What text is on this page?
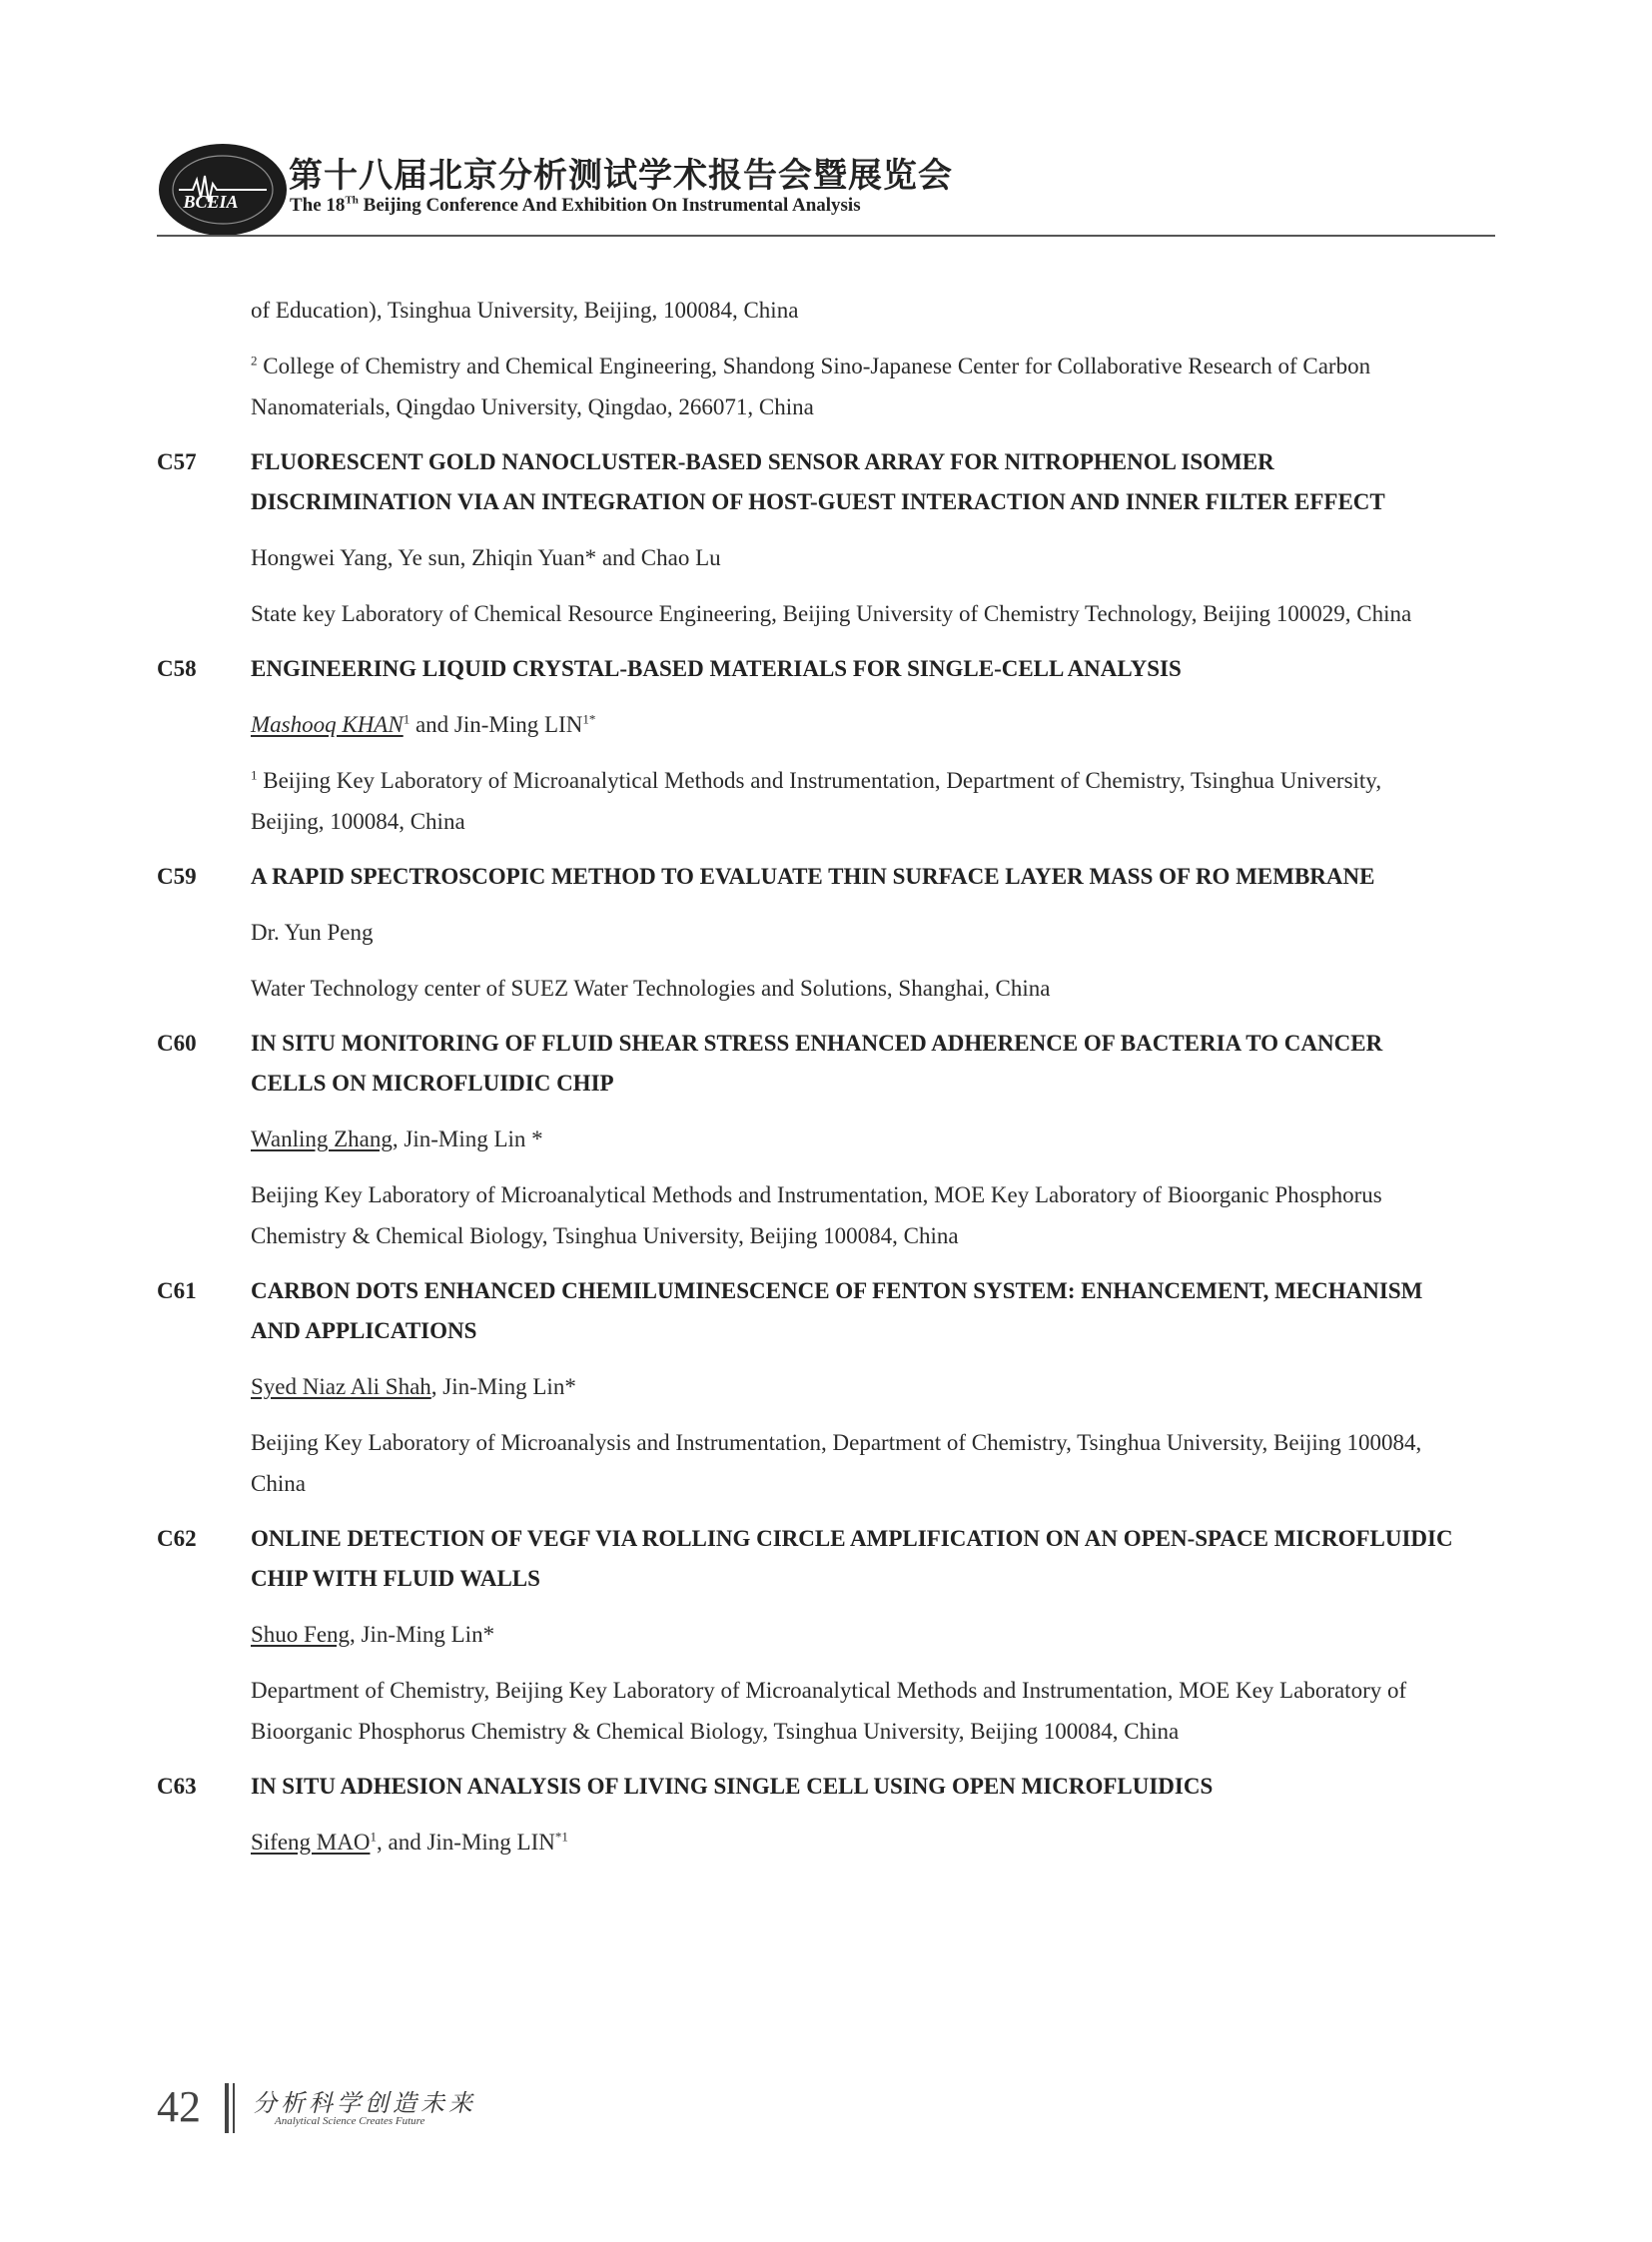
BCEIA
第十八届北京分析测试学术报告会暨展览会
The 18Th Beijing Conference And Exhibition On Instrumental Analysis
of Education), Tsinghua University, Beijing, 100084, China
$^2$ College of Chemistry and Chemical Engineering, Shandong Sino-Japanese Center for Collaborative Research of Carbon Nanomaterials, Qingdao University, Qingdao, 266071, China
C57 FLUORESCENT GOLD NANOCLUSTER-BASED SENSOR ARRAY FOR NITROPHENOL ISOMER DISCRIMINATION VIA AN INTEGRATION OF HOST-GUEST INTERACTION AND INNER FILTER EFFECT
Hongwei Yang, Ye sun, Zhiqin Yuan* and Chao Lu
State key Laboratory of Chemical Resource Engineering, Beijing University of Chemistry Technology, Beijing 100029, China
C58 ENGINEERING LIQUID CRYSTAL-BASED MATERIALS FOR SINGLE-CELL ANALYSIS
Mashooq KHAN$^1$ and Jin-Ming $LIN^{1*}$
$^1$ Beijing Key Laboratory of Microanalytical Methods and Instrumentation, Department of Chemistry, Tsinghua University, Beijing, 100084, China
C59 A RAPID SPECTROSCOPIC METHOD TO EVALUATE THIN SURFACE LAYER MASS OF RO MEMBRANE
Dr. Yun Peng
Water Technology center of SUEZ Water Technologies and Solutions, Shanghai, China
C60 IN SITU MONITORING OF FLUID SHEAR STRESS ENHANCED ADHERENCE OF BACTERIA TO CANCER CELLS ON MICROFLUIDIC CHIP
Wanling Zhang, Jin-Ming Lin *
Beijing Key Laboratory of Microanalytical Methods and Instrumentation, MOE Key Laboratory of Bioorganic Phosphorus Chemistry & Chemical Biology, Tsinghua University, Beijing 100084, China
C61 CARBON DOTS ENHANCED CHEMILUMINESCENCE OF FENTON SYSTEM: ENHANCEMENT, MECHANISM AND APPLICATIONS
Syed Niaz Ali Shah, Jin-Ming Lin*
Beijing Key Laboratory of Microanalysis and Instrumentation, Department of Chemistry, Tsinghua University, Beijing 100084, China
C62 ONLINE DETECTION OF VEGF VIA ROLLING CIRCLE AMPLIFICATION ON AN OPEN-SPACE MICROFLUIDIC CHIP WITH FLUID WALLS
Shuo Feng, Jin-Ming Lin*
Department of Chemistry, Beijing Key Laboratory of Microanalytical Methods and Instrumentation, MOE Key Laboratory of Bioorganic Phosphorus Chemistry & Chemical Biology, Tsinghua University, Beijing 100084, China
C63 IN SITU ADHESION ANALYSIS OF LIVING SINGLE CELL USING OPEN MICROFLUIDICS
Sifeng MAO$^1$, and Jin-Ming LIN$^{*1}$
42 分析科学创造未来
Analytical Science Creates Future
